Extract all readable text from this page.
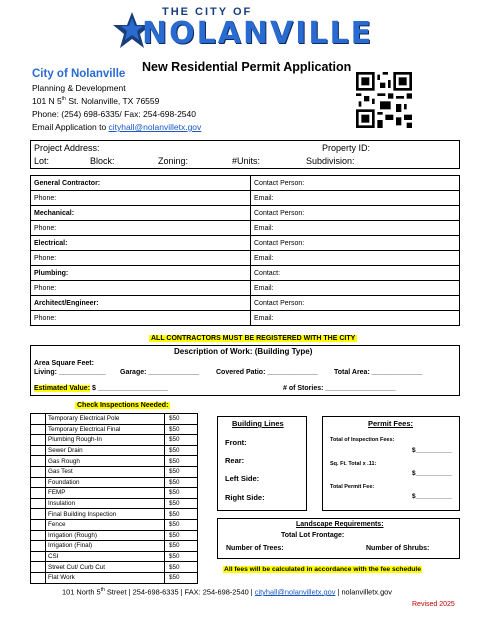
THE CITY OF
NOLANVILLE
City of Nolanville New Residential Permit Application
Planning & Development
101 N 5th St. Nolanville, TX 76559
Phone: (254) 698-6335/ Fax: 254-698-2540
Email Application to cityhall@nolanvilletx.gov
Project Address:	Property ID:
Lot:	Block:	Zoning:	#Units:	Subdivision:
General Contractor:	Contact Person:
Phone:	Email:
Mechanical:	Contact Person:
Phone:	Email:
Electrical:	Contact Person:
Phone:	Email:
Plumbing:	Contact:
Phone:	Email:
Architect/Engineer:	Contact Person:
Phone:	Email:
ALL CONTRACTORS MUST BE REGISTERED WITH THE CITY
Description of Work: (Building Type)
Area Square Feet:
Living: ____________ Garage: _____________ Covered Patio: _____________ Total Area: _____________
Estimated Value: $ __________________	# of Stories: __________________
Check Inspections Needed:
	Temporary Electrical Pole	$50
	Temporary Electrical Final	$50
	Plumbing Rough-In	$50
	Sewer Drain	$50
	Gas Rough	$50
	Gas Test	$50
	Foundation	$50
	FEMP	$50
	Insulation	$50
	Final Building Inspection	$50
	Fence	$50
	Irrigation (Rough)	$50
	Irrigation (Final)	$50
	CSI	$50
	Street Cut/ Curb Cut	$50
	Flat Work	$50
Building Lines
Front:
Rear:
Left Side:
Right Side:
Permit Fees:
Total of Inspection Fees:
$__________
Sq. Ft. Total x .11:
$__________
Total Permit Fee:
$__________
Landscape Requirements:
Total Lot Frontage:
Number of Trees:	Number of Shrubs:
All fees will be calculated in accordance with the fee schedule
101 North 5th Street | 254-698-6335 | FAX: 254-698-2540 | cityhall@nolanvilletx.gov | nolanvilletx.gov
Revised 2025
